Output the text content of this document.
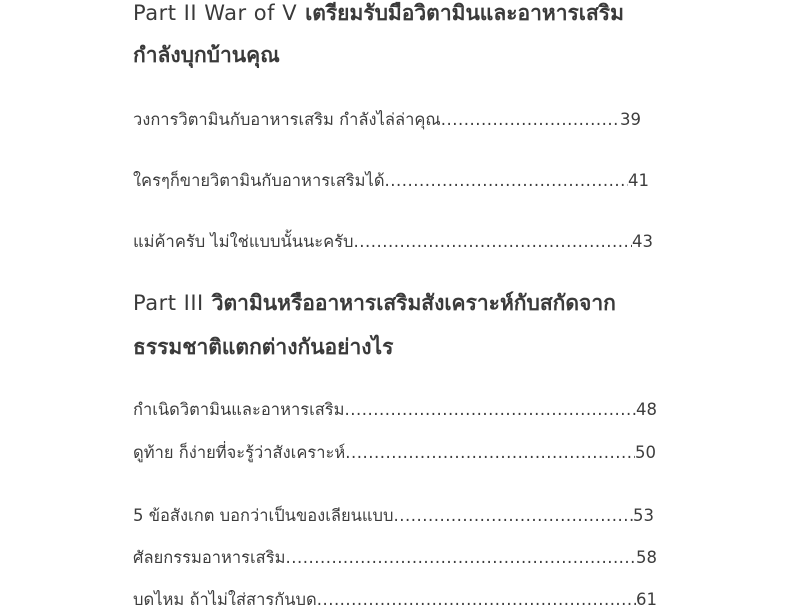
Part II War of V เตรียมรับมือวิตามินและอาหารเสริม
กำลังบุกบ้านคุณ
วงการวิตามินกับอาหารเสริม กำลังไล่ล่าคุณ .....	39
ใครๆก็ขายวิตามินกับอาหารเสริมได้ .....	41
แม่ค้าครับ ไม่ใช่แบบนั้นนะครับ .....	43
Part III วิตามินหรืออาหารเสริมสังเคราะห์กับสกัดจาก
ธรรมชาติแตกต่างกันอย่างไร
กำเนิดวิตามินและอาหารเสริม .....	48
ดูท้าย ก็ง่ายที่จะรู้ว่าสังเคราะห์ .....	50
5 ข้อสังเกต บอกว่าเป็นของเลียนแบบ .....	53
ศัลยกรรมอาหารเสริม .....	58
บดไหม ถ้าไม่ใส่สารกันบด .....	61
